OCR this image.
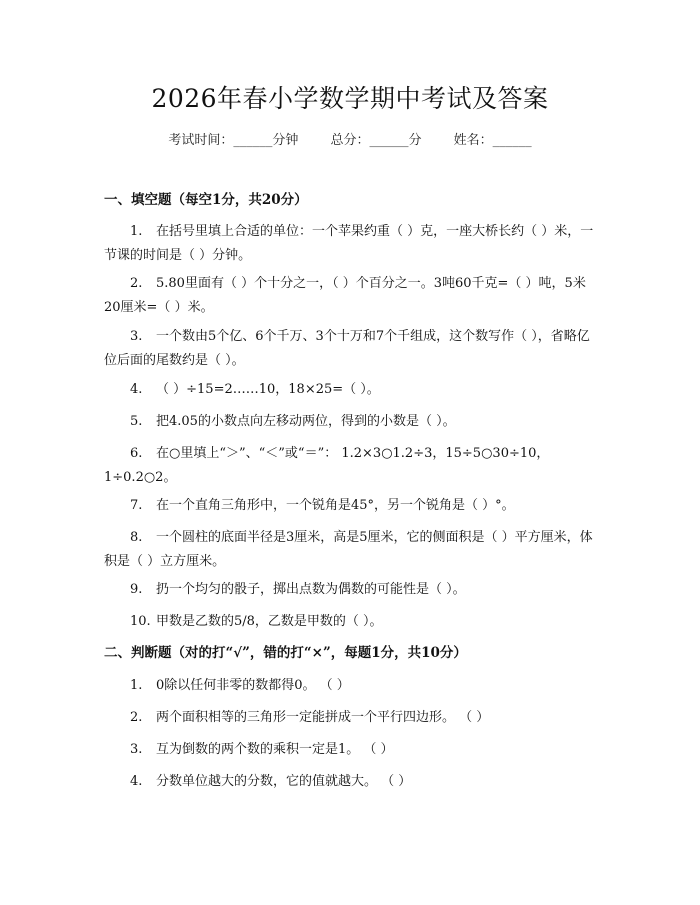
2026年春小学数学期中考试及答案
考试时间：______分钟 总分：______分 姓名：______
一、填空题（每空1分，共20分）
1. 在括号里填上合适的单位：一个苹果约重（ ）克，一座大桥长约（ ）米，一节课的时间是（ ）分钟。
2. 5.80里面有（ ）个十分之一，（ ）个百分之一。3吨60千克=（ ）吨，5米20厘米=（ ）米。
3. 一个数由5个亿、6个千万、3个十万和7个千组成，这个数写作（ ），省略亿位后面的尾数约是（ ）。
4. （ ）÷15=2……10，18×25=（ ）。
5. 把4.05的小数点向左移动两位，得到的小数是（ ）。
6. 在○里填上“＞”、“＜”或“＝”： 1.2×3○1.2÷3，15÷5○30÷10， 1÷0.2○2。
7. 在一个直角三角形中，一个锐角是45°，另一个锐角是（ ）°。
8. 一个圆柱的底面半径是3厘米，高是5厘米，它的侧面积是（ ）平方厘米，体积是（ ）立方厘米。
9. 扔一个均匀的骰子，掷出点数为偶数的可能性是（ ）。
10. 甲数是乙数的5/8，乙数是甲数的（ ）。
二、判断题（对的打“√”，错的打“×”，每题1分，共10分）
1. 0除以任何非零的数都得0。 （ ）
2. 两个面积相等的三角形一定能拼成一个平行四边形。 （ ）
3. 互为倒数的两个数的乘积一定是1。 （ ）
4. 分数单位越大的分数，它的值就越大。 （ ）
